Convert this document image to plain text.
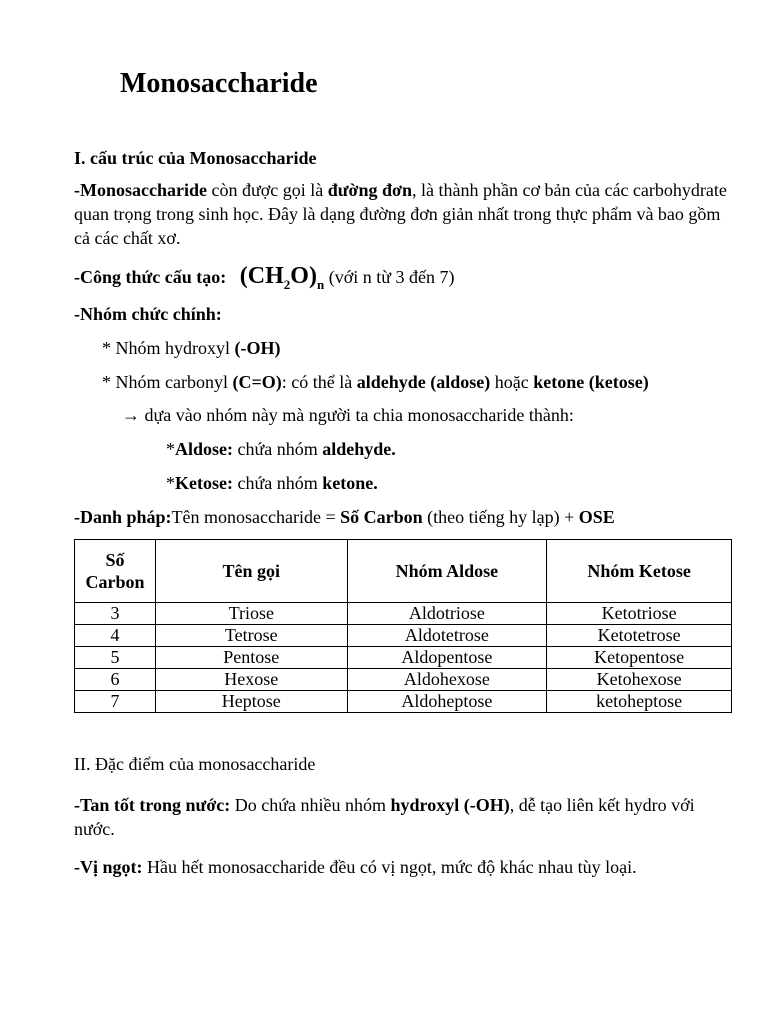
Monosaccharide
I. cấu trúc của Monosaccharide
-Monosaccharide còn được gọi là đường đơn, là thành phần cơ bản của các carbohydrate quan trọng trong sinh học. Đây là dạng đường đơn giản nhất trong thực phẩm và bao gồm cả các chất xơ.
-Công thức cấu tạo: $(CH_2O)_n$ (với n từ 3 đến 7)
-Nhóm chức chính:
* Nhóm hydroxyl (-OH)
* Nhóm carbonyl (C=O): có thể là aldehyde (aldose) hoặc ketone (ketose)
→ dựa vào nhóm này mà người ta chia monosaccharide thành:
*Aldose: chứa nhóm aldehyde.
*Ketose: chứa nhóm ketone.
-Danh pháp:Tên monosaccharide = Số Carbon (theo tiếng hy lạp) + OSE
Số Carbon	Tên gọi	Nhóm Aldose	Nhóm Ketose
3	Triose	Aldotriose	Ketotriose
4	Tetrose	Aldotetrose	Ketotetrose
5	Pentose	Aldopentose	Ketopentose
6	Hexose	Aldohexose	Ketohexose
7	Heptose	Aldoheptose	ketoheptose
II. Đặc điểm của monosaccharide
-Tan tốt trong nước: Do chứa nhiều nhóm hydroxyl (-OH), dễ tạo liên kết hydro với nước.
-Vị ngọt: Hầu hết monosaccharide đều có vị ngọt, mức độ khác nhau tùy loại.
